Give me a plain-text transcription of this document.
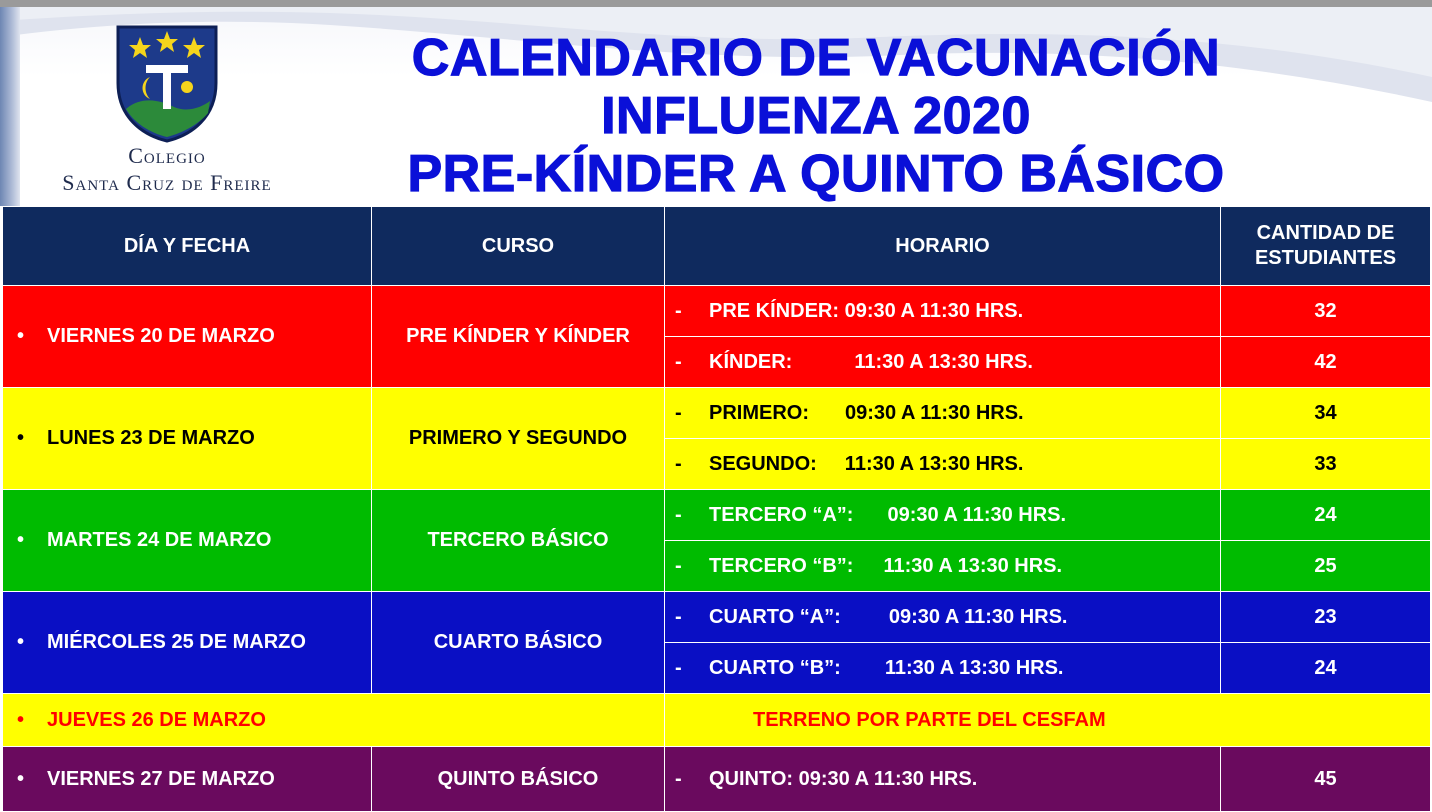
Colegio
Santa Cruz de Freire
CALENDARIO DE VACUNACIÓN
INFLUENZA 2020
PRE-KÍNDER A QUINTO BÁSICO
DÍA Y FECHA	CURSO	HORARIO	CANTIDAD DE ESTUDIANTES

• VIERNES 20 DE MARZO	PRE KÍNDER Y KÍNDER	- PRE KÍNDER: 09:30 A 11:30 HRS.	32
		- KÍNDER: 11:30 A 13:30 HRS.	42
• LUNES 23 DE MARZO	PRIMERO Y SEGUNDO	- PRIMERO: 09:30 A 11:30 HRS.	34
		- SEGUNDO: 11:30 A 13:30 HRS.	33
• MARTES 24 DE MARZO	TERCERO BÁSICO	- TERCERO “A”: 09:30 A 11:30 HRS.	24
		- TERCERO “B”: 11:30 A 13:30 HRS.	25
• MIÉRCOLES 25 DE MARZO	CUARTO BÁSICO	- CUARTO “A”: 09:30 A 11:30 HRS.	23
		- CUARTO “B”: 11:30 A 13:30 HRS.	24
• JUEVES 26 DE MARZO		TERRENO POR PARTE DEL CESFAM	
• VIERNES 27 DE MARZO	QUINTO BÁSICO	- QUINTO: 09:30 A 11:30 HRS.	45
